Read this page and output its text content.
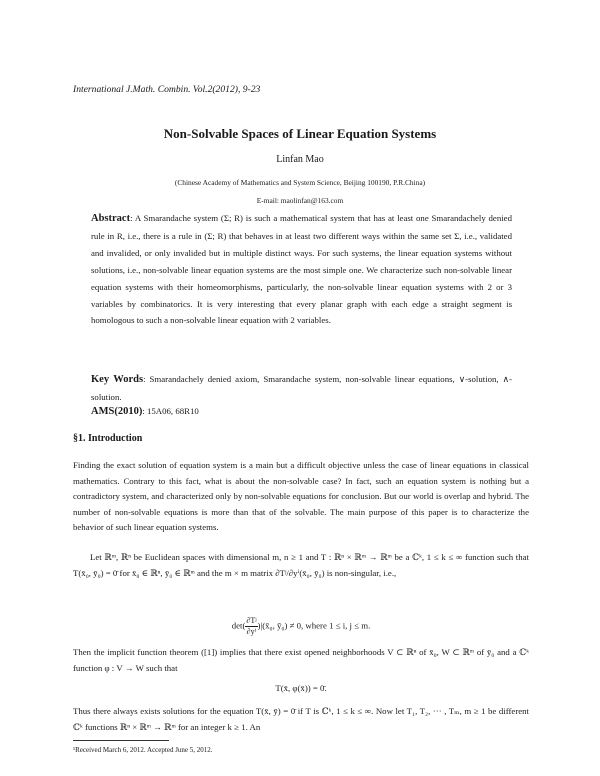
International J.Math. Combin. Vol.2(2012), 9-23
Non-Solvable Spaces of Linear Equation Systems
Linfan Mao
(Chinese Academy of Mathematics and System Science, Beijing 100190, P.R.China)
E-mail: maolinfan@163.com
Abstract: A Smarandache system (Σ; R) is such a mathematical system that has at least one Smarandachely denied rule in R, i.e., there is a rule in (Σ; R) that behaves in at least two different ways within the same set Σ, i.e., validated and invalided, or only invalided but in multiple distinct ways. For such systems, the linear equation systems without solutions, i.e., non-solvable linear equation systems are the most simple one. We characterize such non-solvable linear equation systems with their homeomorphisms, particularly, the non-solvable linear equation systems with 2 or 3 variables by combinatorics. It is very interesting that every planar graph with each edge a straight segment is homologous to such a non-solvable linear equation with 2 variables.
Key Words: Smarandachely denied axiom, Smarandache system, non-solvable linear equations, ∨-solution, ∧-solution.
AMS(2010): 15A06, 68R10
§1. Introduction
Finding the exact solution of equation system is a main but a difficult objective unless the case of linear equations in classical mathematics. Contrary to this fact, what is about the non-solvable case? In fact, such an equation system is nothing but a contradictory system, and characterized only by non-solvable equations for conclusion. But our world is overlap and hybrid. The number of non-solvable equations is more than that of the solvable. The main purpose of this paper is to characterize the behavior of such linear equation systems.
Let ℝᵐ, ℝⁿ be Euclidean spaces with dimensional m, n ≥ 1 and T : ℝⁿ × ℝᵐ → ℝᵐ be a ℂᵏ, 1 ≤ k ≤ ∞ function such that T(x̄₀, ȳ₀) = 0̄ for x̄₀ ∈ ℝⁿ, ȳ₀ ∈ ℝᵐ and the m × m matrix ∂Tʲ/∂yⁱ(x̄₀, ȳ₀) is non-singular, i.e.,
$\det( \frac{\text{∂Tʲ}}{\text{∂yⁱ}}$ )|(x̄₀, ȳ₀) ≠ 0, where 1 ≤ i, j ≤ m.
Then the implicit function theorem ([1]) implies that there exist opened neighborhoods V ⊂ ℝⁿ of x̄₀, W ⊂ ℝᵐ of ȳ₀ and a ℂᵏ function φ : V → W such that
T(x̄, φ(x̄)) = 0̄.
Thus there always exists solutions for the equation T(x̄, ȳ) = 0̄ if T is ℂᵏ, 1 ≤ k ≤ ∞. Now let T₁, T₂, ··· , Tₘ, m ≥ 1 be different ℂᵏ functions ℝⁿ × ℝᵐ → ℝᵐ for an integer k ≥ 1. An
¹Received March 6, 2012. Accepted June 5, 2012.
